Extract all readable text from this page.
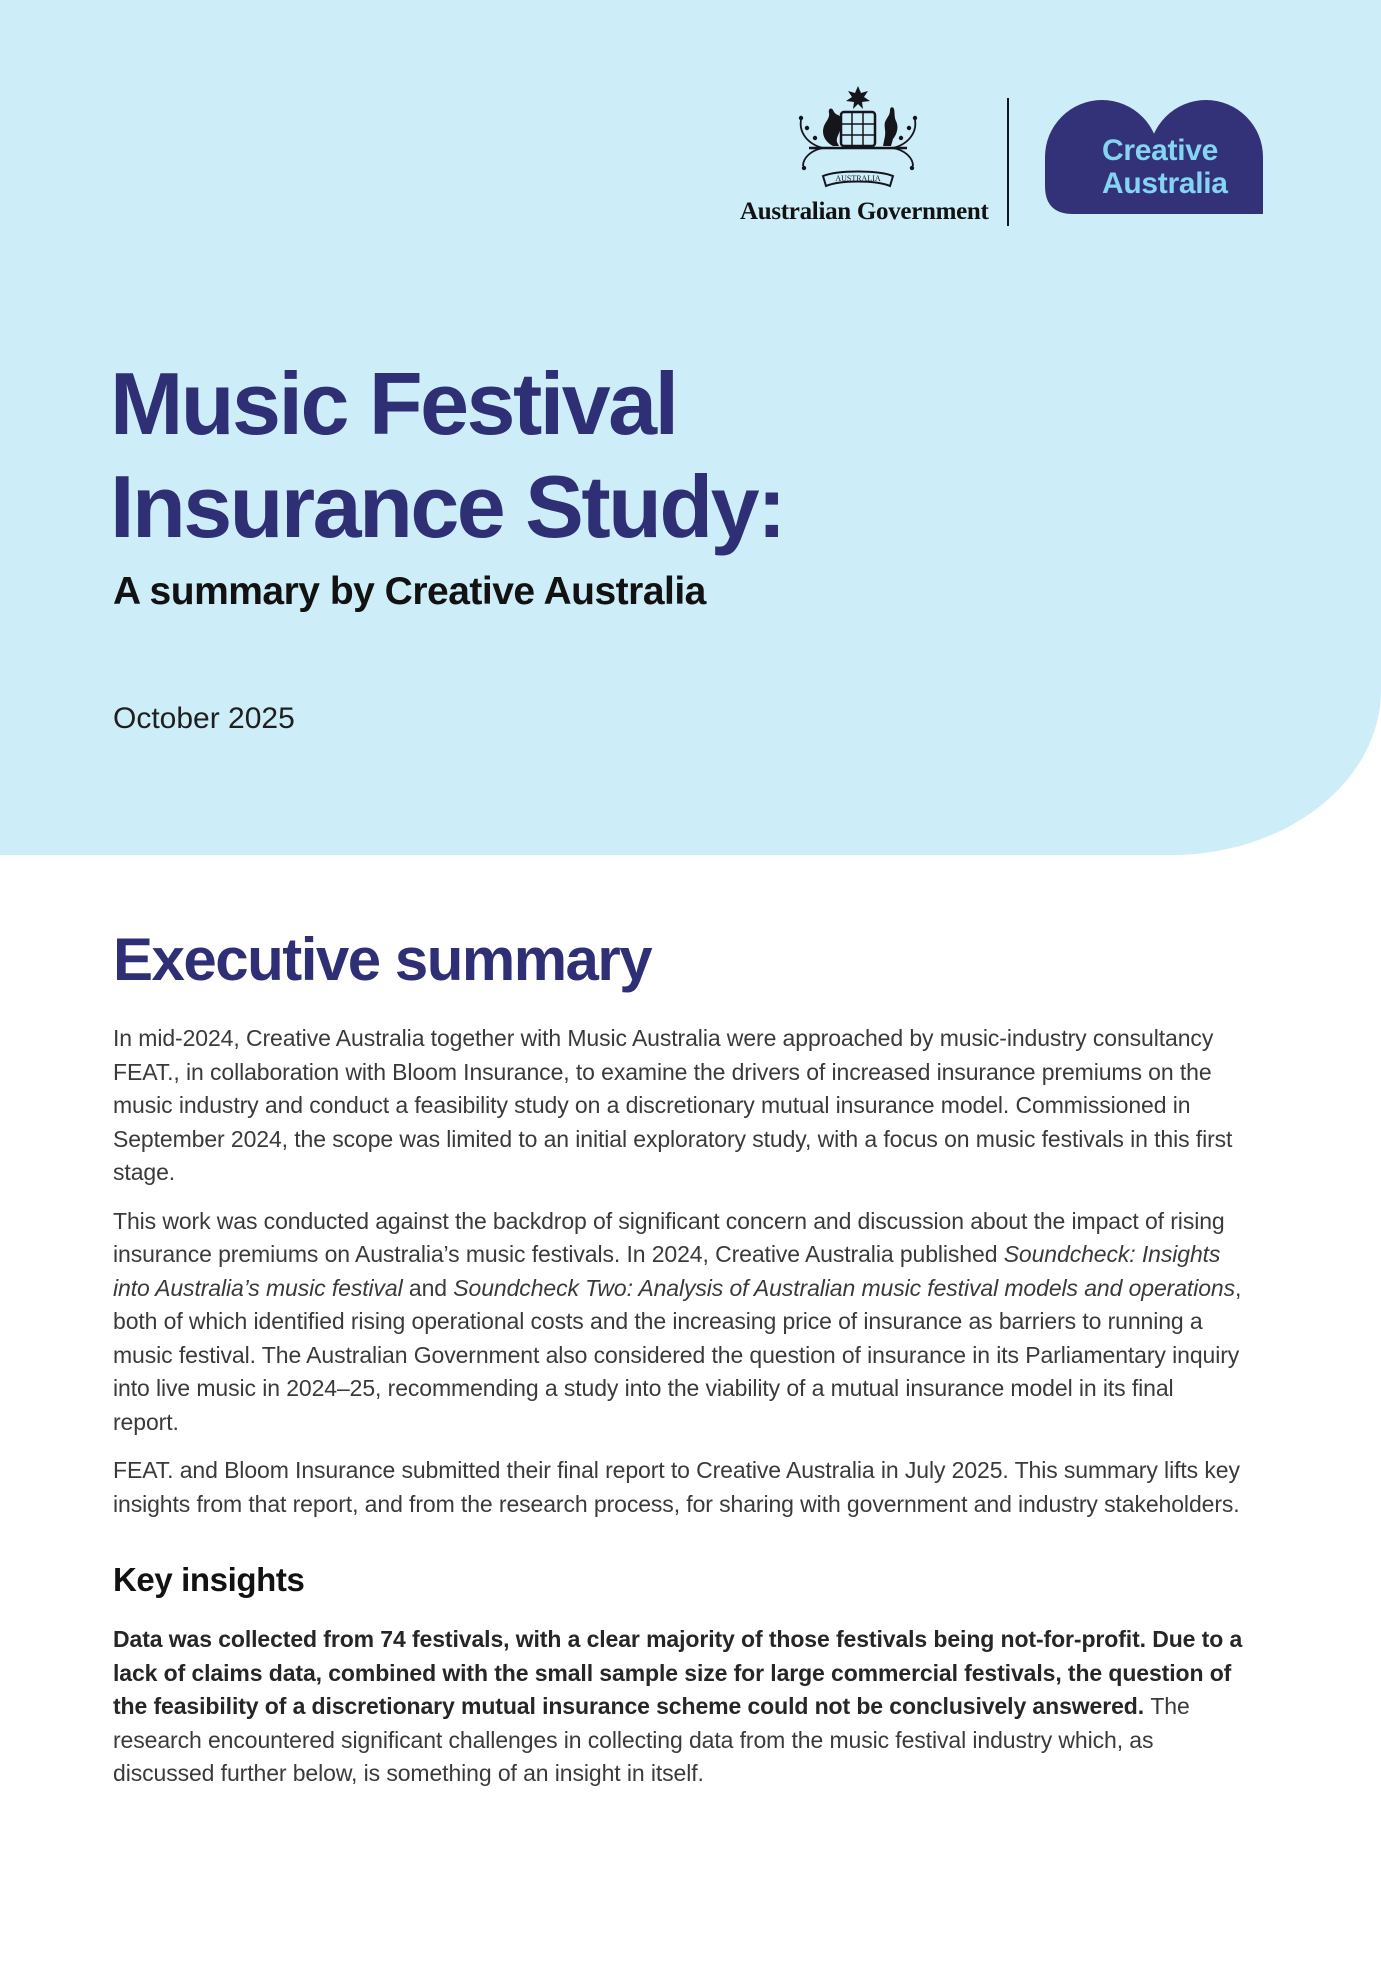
AUSTRALIA
Australian Government
Creative
Australia
Music Festival
Insurance Study:
A summary by Creative Australia
October 2025
Executive summary

In mid-2024, Creative Australia together with Music Australia were approached by music-industry consultancy FEAT., in collaboration with Bloom Insurance, to examine the drivers of increased insurance premiums on the music industry and conduct a feasibility study on a discretionary mutual insurance model. Commissioned in September 2024, the scope was limited to an initial exploratory study, with a focus on music festivals in this first stage.

This work was conducted against the backdrop of significant concern and discussion about the impact of rising insurance premiums on Australia’s music festivals. In 2024, Creative Australia published Soundcheck: Insights into Australia’s music festival and Soundcheck Two: Analysis of Australian music festival models and operations, both of which identified rising operational costs and the increasing price of insurance as barriers to running a music festival. The Australian Government also considered the question of insurance in its Parliamentary inquiry into live music in 2024–25, recommending a study into the viability of a mutual insurance model in its final report.

FEAT. and Bloom Insurance submitted their final report to Creative Australia in July 2025. This summary lifts key insights from that report, and from the research process, for sharing with government and industry stakeholders.

Key insights

Data was collected from 74 festivals, with a clear majority of those festivals being not-for-profit. Due to a lack of claims data, combined with the small sample size for large commercial festivals, the question of the feasibility of a discretionary mutual insurance scheme could not be conclusively answered. The research encountered significant challenges in collecting data from the music festival industry which, as discussed further below, is something of an insight in itself.
